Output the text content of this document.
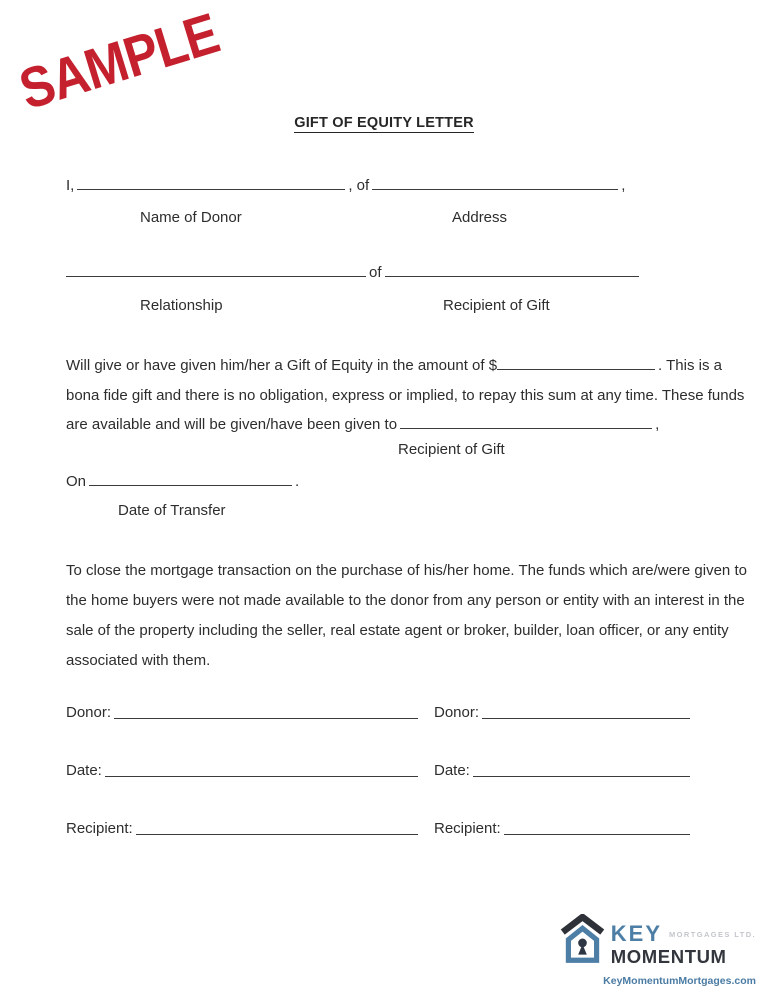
SAMPLE
GIFT OF EQUITY LETTER
I,	, of	,
Name of Donor	Address
of
Relationship	Recipient of Gift
Will give or have given him/her a Gift of Equity in the amount of $	. This is a
bona fide gift and there is no obligation, express or implied, to repay this sum at any time. These funds
are available and will be given/have been given to	,
Recipient of Gift
On	.
Date of Transfer
To close the mortgage transaction on the purchase of his/her home. The funds which are/were given to
the home buyers were not made available to the donor from any person or entity with an interest in the
sale of the property including the seller, real estate agent or broker, builder, loan officer, or any entity
associated with them.
Donor:	Donor:
Date:	Date:
Recipient:	Recipient:
KEY MORTGAGES LTD.
MOMENTUM
KeyMomentumMortgages.com
